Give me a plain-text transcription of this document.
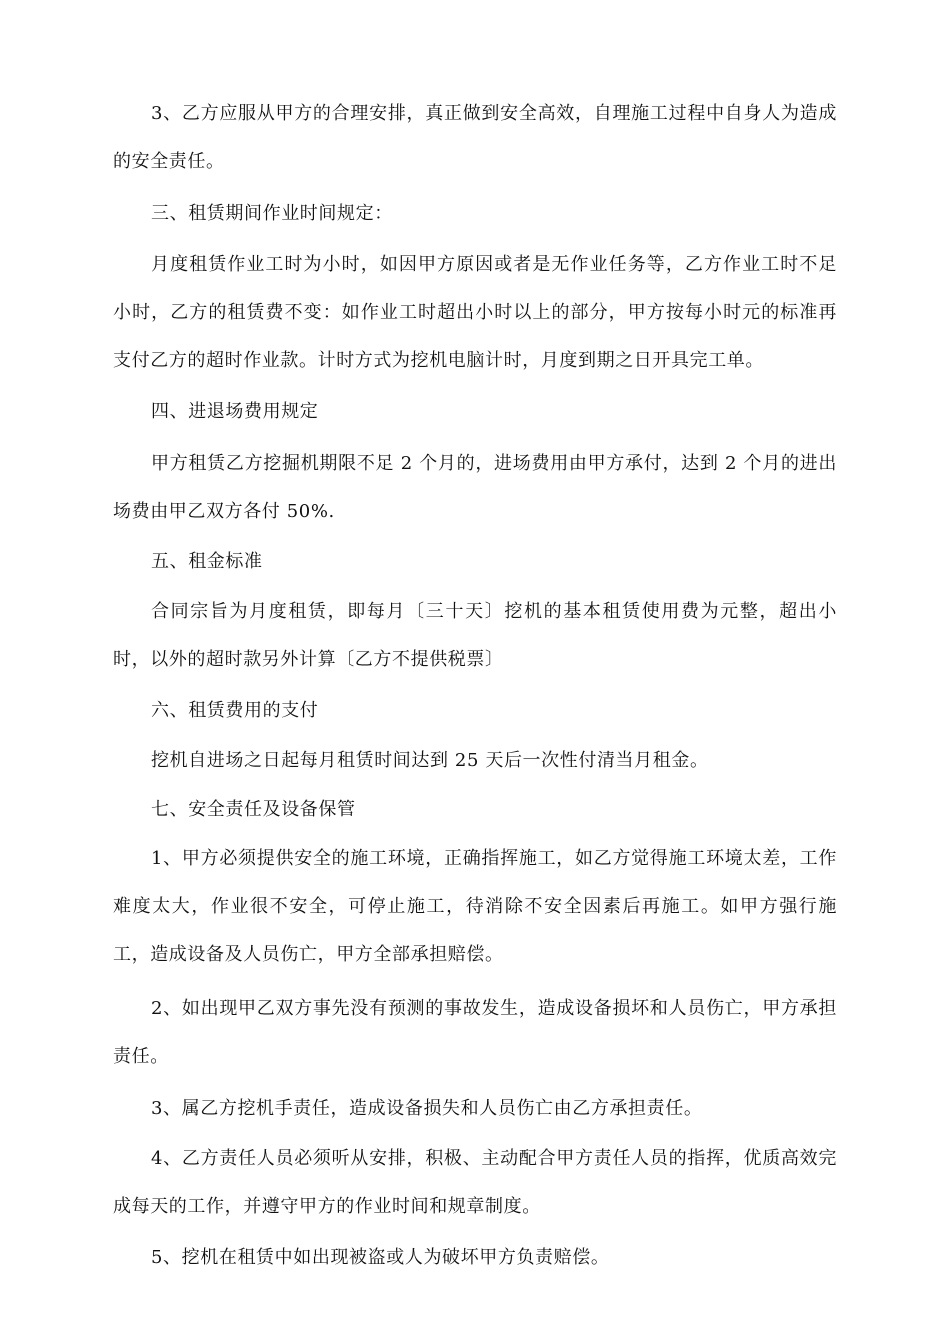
3、乙方应服从甲方的合理安排，真正做到安全高效，自理施工过程中自身人为造成的安全责任。

三、租赁期间作业时间规定：

月度租赁作业工时为小时，如因甲方原因或者是无作业任务等，乙方作业工时不足小时，乙方的租赁费不变：如作业工时超出小时以上的部分，甲方按每小时元的标准再支付乙方的超时作业款。计时方式为挖机电脑计时，月度到期之日开具完工单。

四、进退场费用规定

甲方租赁乙方挖掘机期限不足 2 个月的，进场费用由甲方承付，达到 2 个月的进出场费由甲乙双方各付 50%.

五、租金标准

合同宗旨为月度租赁，即每月〔三十天〕挖机的基本租赁使用费为元整，超出小时，以外的超时款另外计算〔乙方不提供税票〕

六、租赁费用的支付

挖机自进场之日起每月租赁时间达到 25 天后一次性付清当月租金。

七、安全责任及设备保管

1、甲方必须提供安全的施工环境，正确指挥施工，如乙方觉得施工环境太差，工作难度太大，作业很不安全，可停止施工，待消除不安全因素后再施工。如甲方强行施工，造成设备及人员伤亡，甲方全部承担赔偿。

2、如出现甲乙双方事先没有预测的事故发生，造成设备损坏和人员伤亡，甲方承担责任。

3、属乙方挖机手责任，造成设备损失和人员伤亡由乙方承担责任。

4、乙方责任人员必须听从安排，积极、主动配合甲方责任人员的指挥，优质高效完成每天的工作，并遵守甲方的作业时间和规章制度。

5、挖机在租赁中如出现被盗或人为破坏甲方负责赔偿。
